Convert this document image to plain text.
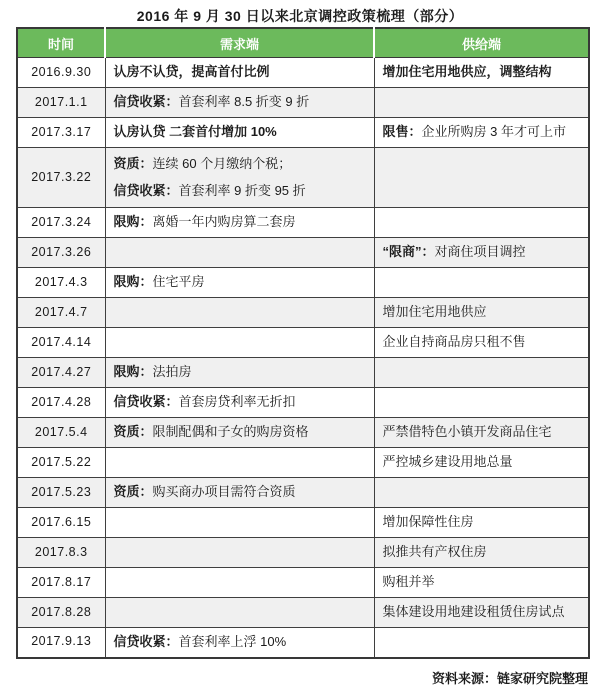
2016 年 9 月 30 日以来北京调控政策梳理（部分）
时间	需求端	供给端
2016.9.30	认房不认贷，提高首付比例	增加住宅用地供应，调整结构
2017.1.1	信贷收紧：首套利率 8.5 折变 9 折	
2017.3.17	认房认贷 二套首付增加 10%	限售：企业所购房 3 年才可上市
2017.3.22	资质：连续 60 个月缴纳个税；
信贷收紧：首套利率 9 折变 95 折	

2017.3.24	限购：离婚一年内购房算二套房	
2017.3.26		“限商”：对商住项目调控
2017.4.3	限购：住宅平房	
2017.4.7		增加住宅用地供应
2017.4.14		企业自持商品房只租不售
2017.4.27	限购：法拍房	
2017.4.28	信贷收紧：首套房贷利率无折扣	
2017.5.4	资质：限制配偶和子女的购房资格	严禁借特色小镇开发商品住宅
2017.5.22		严控城乡建设用地总量
2017.5.23	资质：购买商办项目需符合资质	
2017.6.15		增加保障性住房
2017.8.3		拟推共有产权住房
2017.8.17		购租并举
2017.8.28		集体建设用地建设租赁住房试点
2017.9.13	信贷收紧：首套利率上浮 10%	
资料来源：链家研究院整理
